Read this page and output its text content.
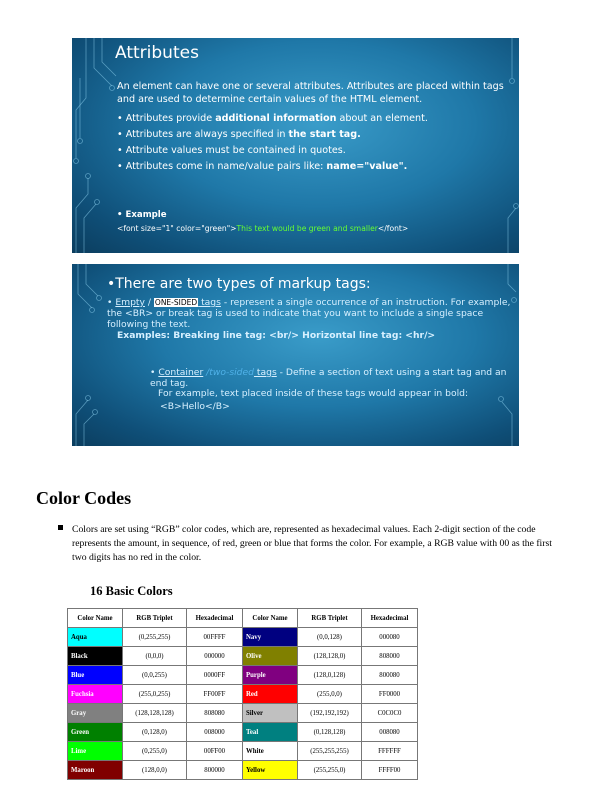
Attributes

An element can have one or several attributes. Attributes are placed within tags and are used to determine certain values of the HTML element.

• Attributes provide additional information about an element.

• Attributes are always specified in the start tag.

• Attribute values must be contained in quotes.

• Attributes come in name/value pairs like: name="value".

• Example
<font size="1" color="green">This text would be green and smaller</font>
•There are two types of markup tags:
• Empty / ONE-SIDED tags - represent a single occurrence of an instruction. For example, the <BR> or break tag is used to indicate that you want to include a single space following the text.
Examples: Breaking line tag: <br/> Horizontal line tag: <hr/>
• Container /two-sided tags - Define a section of text using a start tag and an end tag.
For example, text placed inside of these tags would appear in bold:
<B>Hello</B>
Color Codes
Colors are set using “RGB” color codes, which are, represented as hexadecimal values. Each 2-digit section of the code represents the amount, in sequence, of red, green or blue that forms the color. For example, a RGB value with 00 as the first two digits has no red in the color.
16 Basic Colors
Color Name	RGB Triplet	Hexadecimal	Color Name	RGB Triplet	Hexadecimal
Aqua	(0,255,255)	00FFFF	Navy	(0,0,128)	000080
Black	(0,0,0)	000000	Olive	(128,128,0)	808000
Blue	(0,0,255)	0000FF	Purple	(128,0,128)	800080
Fuchsia	(255,0,255)	FF00FF	Red	(255,0,0)	FF0000
Gray	(128,128,128)	808080	Silver	(192,192,192)	C0C0C0
Green	(0,128,0)	008000	Teal	(0,128,128)	008080
Lime	(0,255,0)	00FF00	White	(255,255,255)	FFFFFF
Maroon	(128,0,0)	800000	Yellow	(255,255,0)	FFFF00
